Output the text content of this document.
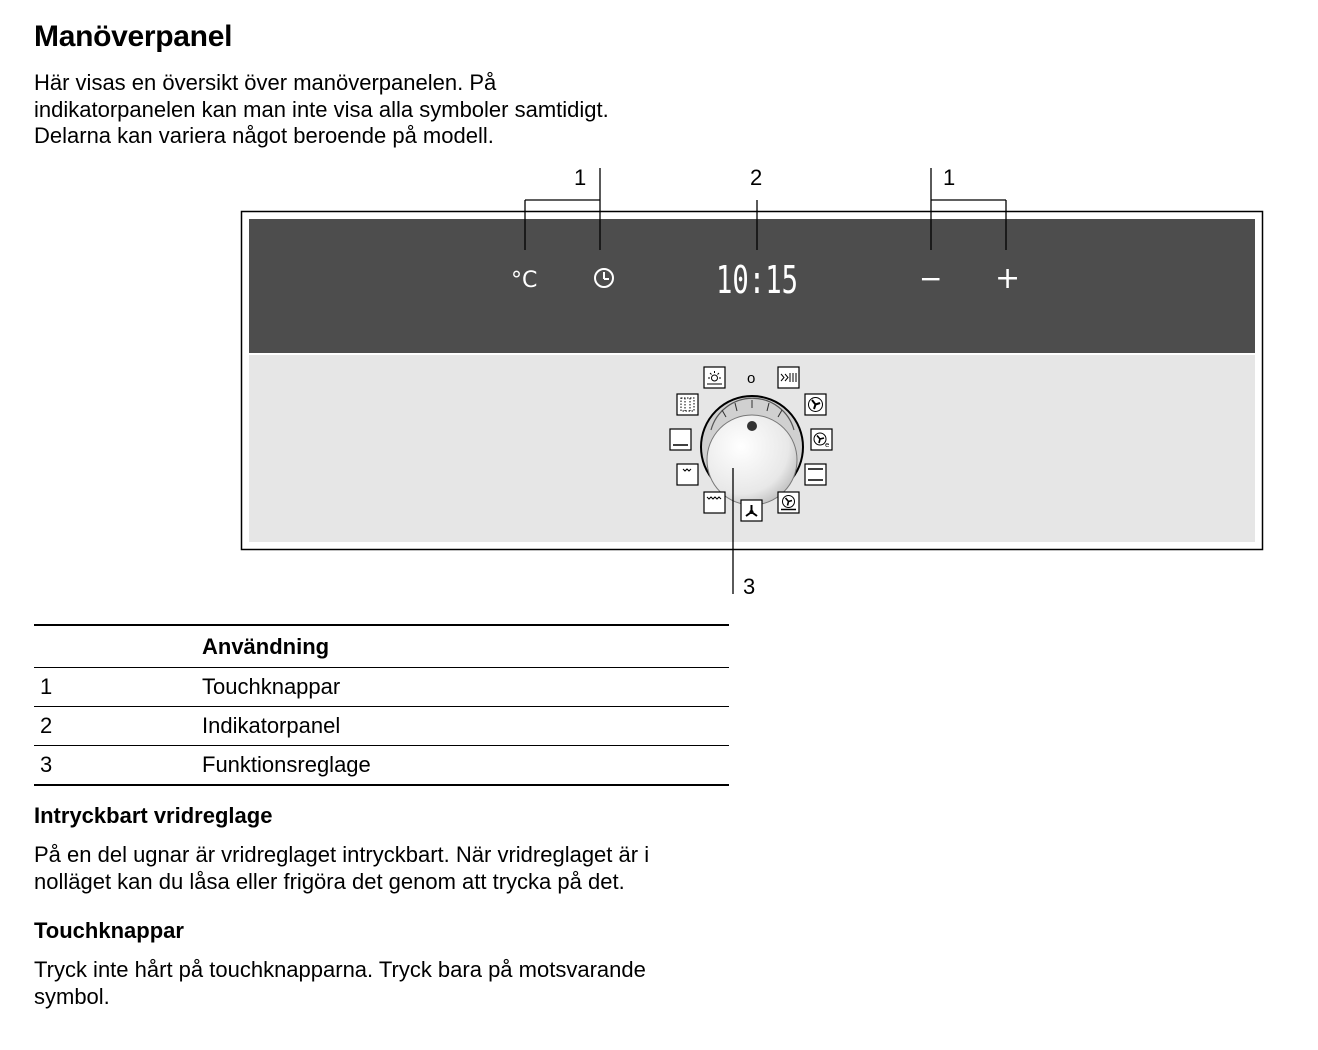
Manöverpanel
Här visas en översikt över manöverpanelen. På
indikatorpanelen kan man inte visa alla symboler samtidigt.
Delarna kan variera något beroende på modell.
1	2	1
°C	10:15	− +
o
e
3
	Användning
1	Touchknappar
2	Indikatorpanel
3	Funktionsreglage
Intryckbart vridreglage
På en del ugnar är vridreglaget intryckbart. När vridreglaget är i
nolläget kan du låsa eller frigöra det genom att trycka på det.
Touchknappar
Tryck inte hårt på touchknapparna. Tryck bara på motsvarande
symbol.
